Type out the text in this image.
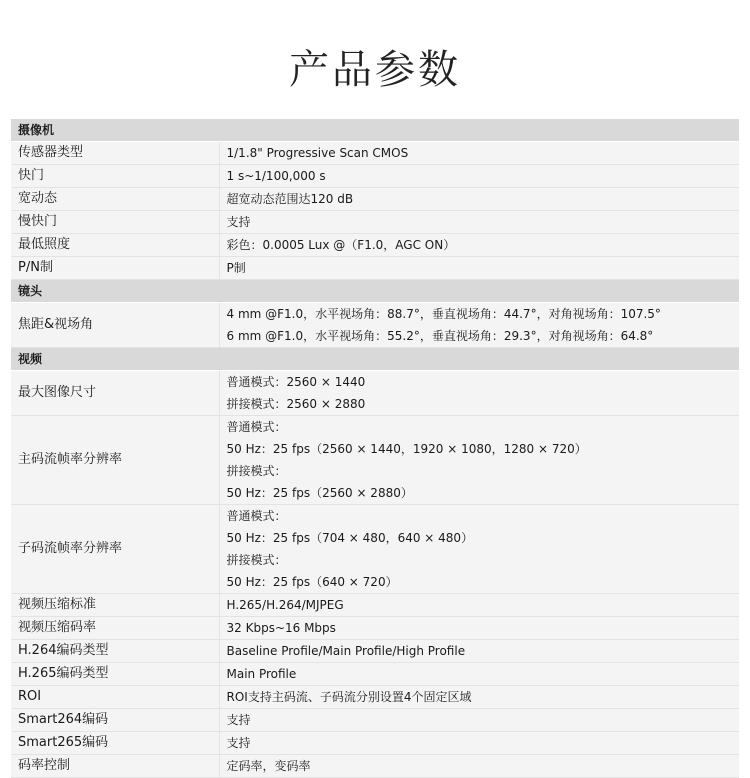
产品参数
摄像机	
传感器类型	1/1.8" Progressive Scan CMOS

快门	1 s~1/100,000 s

宽动态	超宽动态范围达120 dB

慢快门	支持

最低照度	彩色：0.0005 Lux @（F1.0，AGC ON）

P/N制	P制

镜头	
焦距&视场角	4 mm @F1.0，水平视场角：88.7°，垂直视场角：44.7°，对角视场角：107.5°
6 mm @F1.0，水平视场角：55.2°，垂直视场角：29.3°，对角视场角：64.8°

视频	
最大图像尺寸	普通模式：2560 × 1440
拼接模式：2560 × 2880

主码流帧率分辨率	普通模式：
50 Hz：25 fps（2560 × 1440，1920 × 1080，1280 × 720）
拼接模式：
50 Hz：25 fps（2560 × 2880）

子码流帧率分辨率	普通模式：
50 Hz：25 fps（704 × 480，640 × 480）
拼接模式：
50 Hz：25 fps（640 × 720）

视频压缩标准	H.265/H.264/MJPEG

视频压缩码率	32 Kbps~16 Mbps

H.264编码类型	Baseline Profile/Main Profile/High Profile

H.265编码类型	Main Profile

ROI	ROI支持主码流、子码流分别设置4个固定区域

Smart264编码	支持

Smart265编码	支持

码率控制	定码率，变码率
